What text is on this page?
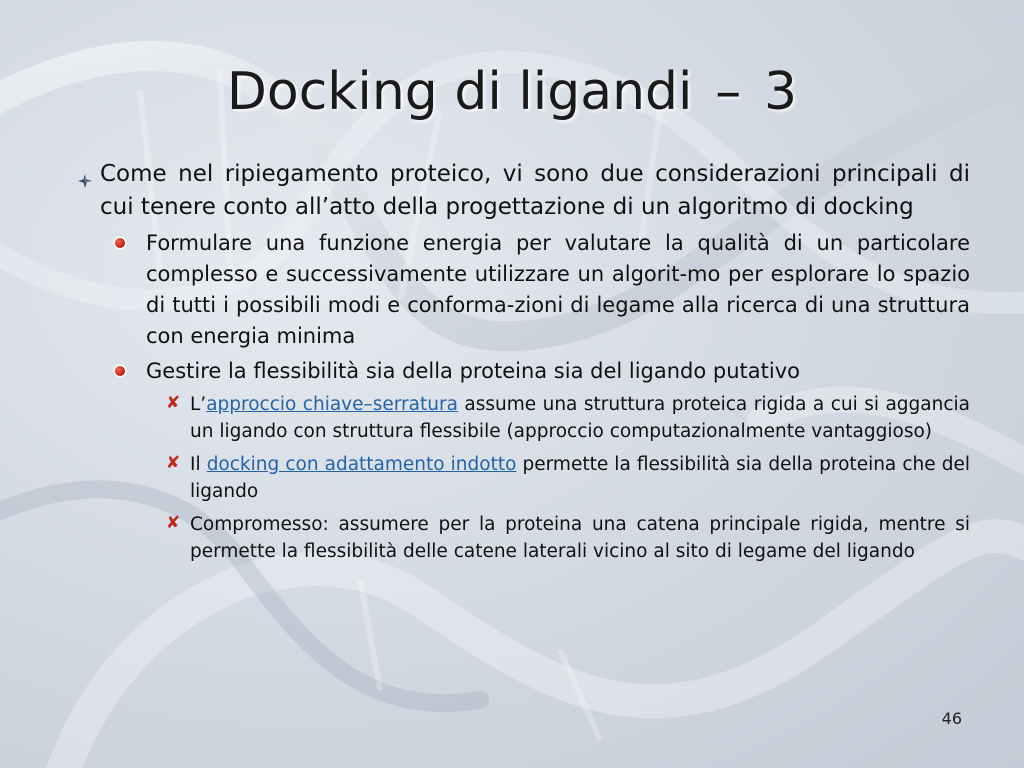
Docking di ligandi – 3
Come nel ripiegamento proteico, vi sono due considerazioni principali di cui tenere conto all’atto della progettazione di un algoritmo di docking
Formulare una funzione energia per valutare la qualità di un particolare complesso e successivamente utilizzare un algorit-mo per esplorare lo spazio di tutti i possibili modi e conforma-zioni di legame alla ricerca di una struttura con energia minima
Gestire la flessibilità sia della proteina sia del ligando putativo
✘ L’approccio chiave–serratura assume una struttura proteica rigida a cui si aggancia un ligando con struttura flessibile (approccio computazionalmente vantaggioso)
✘ Il docking con adattamento indotto permette la flessibilità sia della proteina che del ligando
✘ Compromesso: assumere per la proteina una catena principale rigida, mentre si permette la flessibilità delle catene laterali vicino al sito di legame del ligando
46
